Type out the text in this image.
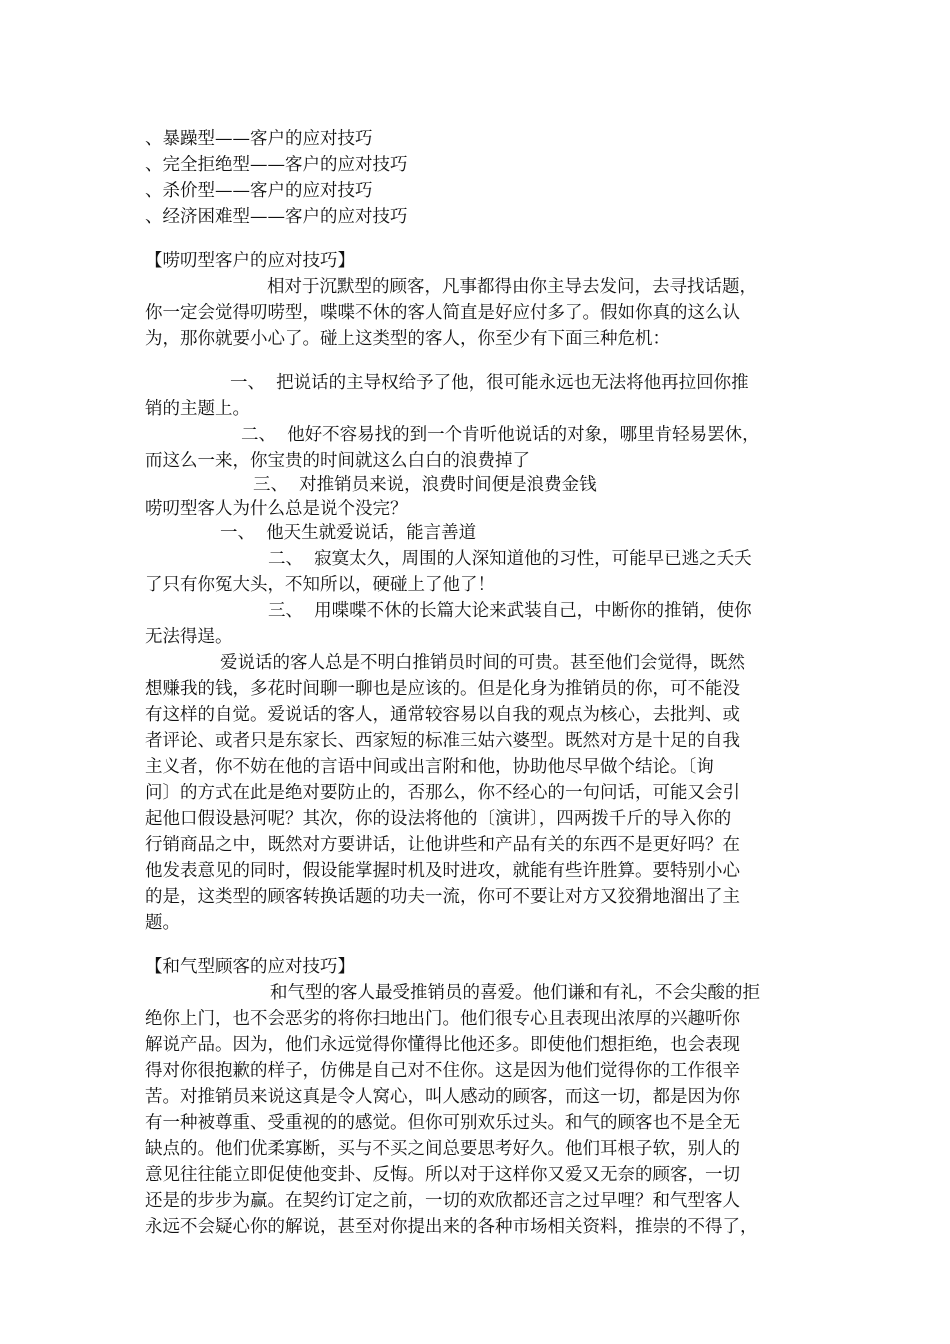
、暴躁型——客户的应对技巧

、完全拒绝型——客户的应对技巧

、杀价型——客户的应对技巧

、经济困难型——客户的应对技巧

【唠叨型客户的应对技巧】

相对于沉默型的顾客，凡事都得由你主导去发问，去寻找话题，

你一定会觉得叨唠型，喋喋不休的客人简直是好应付多了。假如你真的这么认

为，那你就要小心了。碰上这类型的客人，你至少有下面三种危机：

一、  把说话的主导权给予了他，很可能永远也无法将他再拉回你推

销的主题上。

二、  他好不容易找的到一个肯听他说话的对象，哪里肯轻易罢休，

而这么一来，你宝贵的时间就这么白白的浪费掉了

三、  对推销员来说，浪费时间便是浪费金钱

唠叨型客人为什么总是说个没完？

一、  他天生就爱说话，能言善道

二、  寂寞太久，周围的人深知道他的习性，可能早已逃之夭夭

了只有你冤大头，不知所以，硬碰上了他了！

三、  用喋喋不休的长篇大论来武装自己，中断你的推销，使你

无法得逞。

爱说话的客人总是不明白推销员时间的可贵。甚至他们会觉得，既然

想赚我的钱，多花时间聊一聊也是应该的。但是化身为推销员的你，可不能没

有这样的自觉。爱说话的客人，通常较容易以自我的观点为核心，去批判、或

者评论、或者只是东家长、西家短的标准三姑六婆型。既然对方是十足的自我

主义者，你不妨在他的言语中间或出言附和他，协助他尽早做个结论。〔询

问〕的方式在此是绝对要防止的，否那么，你不经心的一句问话，可能又会引

起他口假设悬河呢？其次，你的设法将他的〔演讲〕，四两拨千斤的导入你的

行销商品之中，既然对方要讲话，让他讲些和产品有关的东西不是更好吗？在

他发表意见的同时，假设能掌握时机及时进攻，就能有些许胜算。要特别小心

的是，这类型的顾客转换话题的功夫一流，你可不要让对方又狡猾地溜出了主

题。

【和气型顾客的应对技巧】

和气型的客人最受推销员的喜爱。他们谦和有礼，不会尖酸的拒

绝你上门，也不会恶劣的将你扫地出门。他们很专心且表现出浓厚的兴趣听你

解说产品。因为，他们永远觉得你懂得比他还多。即使他们想拒绝，也会表现

得对你很抱歉的样子，仿佛是自己对不住你。这是因为他们觉得你的工作很辛

苦。对推销员来说这真是令人窝心，叫人感动的顾客，而这一切，都是因为你

有一种被尊重、受重视的的感觉。但你可别欢乐过头。和气的顾客也不是全无

缺点的。他们优柔寡断，买与不买之间总要思考好久。他们耳根子软，别人的

意见往往能立即促使他变卦、反悔。所以对于这样你又爱又无奈的顾客，一切

还是的步步为赢。在契约订定之前，一切的欢欣都还言之过早哩？和气型客人

永远不会疑心你的解说，甚至对你提出来的各种市场相关资料，推崇的不得了，
